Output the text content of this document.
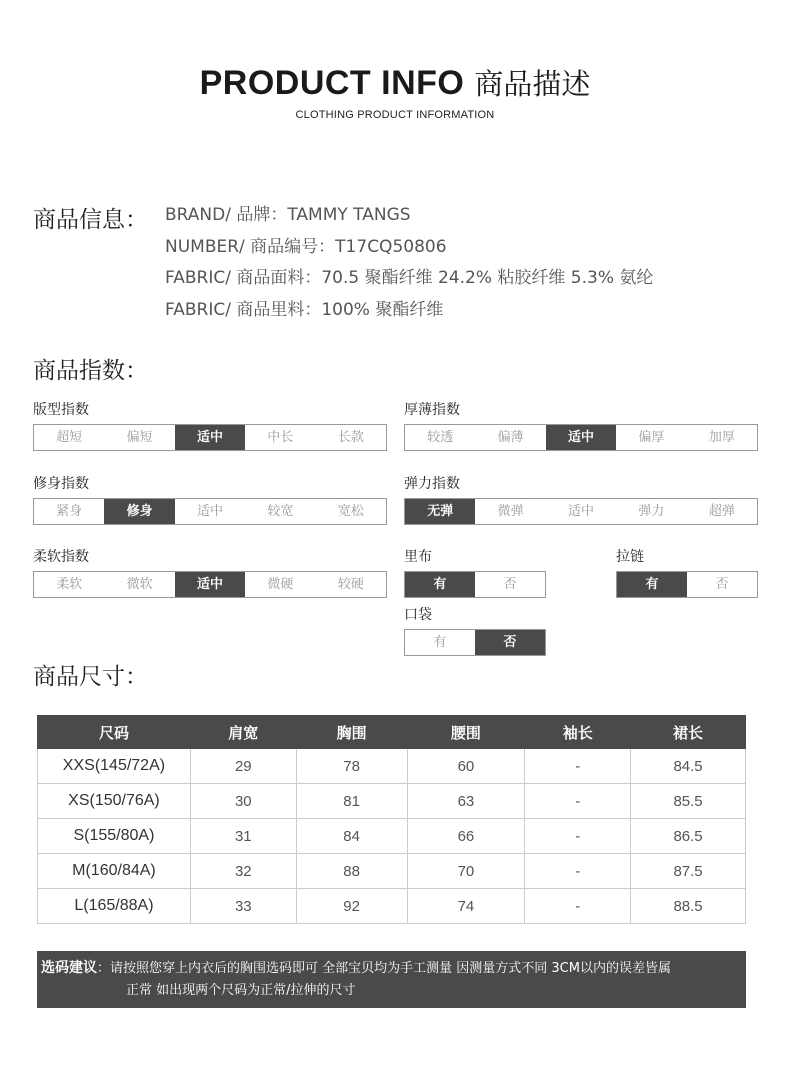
PRODUCT INFO 商品描述
CLOTHING PRODUCT INFORMATION
商品信息： BRAND/ 品牌：TAMMY TANGS
NUMBER/ 商品编号：T17CQ50806
FABRIC/ 商品面料：70.5 聚酯纤维 24.2% 粘胶纤维 5.3% 氨纶
FABRIC/ 商品里料：100% 聚酯纤维
商品指数：
版型指数
超短	偏短	适中	中长	长款
厚薄指数
较透	偏薄	适中	偏厚	加厚
修身指数
紧身	修身	适中	较宽	宽松
弹力指数
无弹	微弹	适中	弹力	超弹
柔软指数
柔软	微软	适中	微硬	较硬
里布
有	否
拉链
有	否
口袋
有	否
商品尺寸：
尺码	肩宽	胸围	腰围	袖长	裙长
XXS(145/72A)	29	78	60	-	84.5
XS(150/76A)	30	81	63	-	85.5
S(155/80A)	31	84	66	-	86.5
M(160/84A)	32	88	70	-	87.5
L(165/88A)	33	92	74	-	88.5
选码建议：请按照您穿上内衣后的胸围选码即可 全部宝贝均为手工测量 因测量方式不同 3CM以内的误差皆属
正常 如出现两个尺码为正常/拉伸的尺寸
